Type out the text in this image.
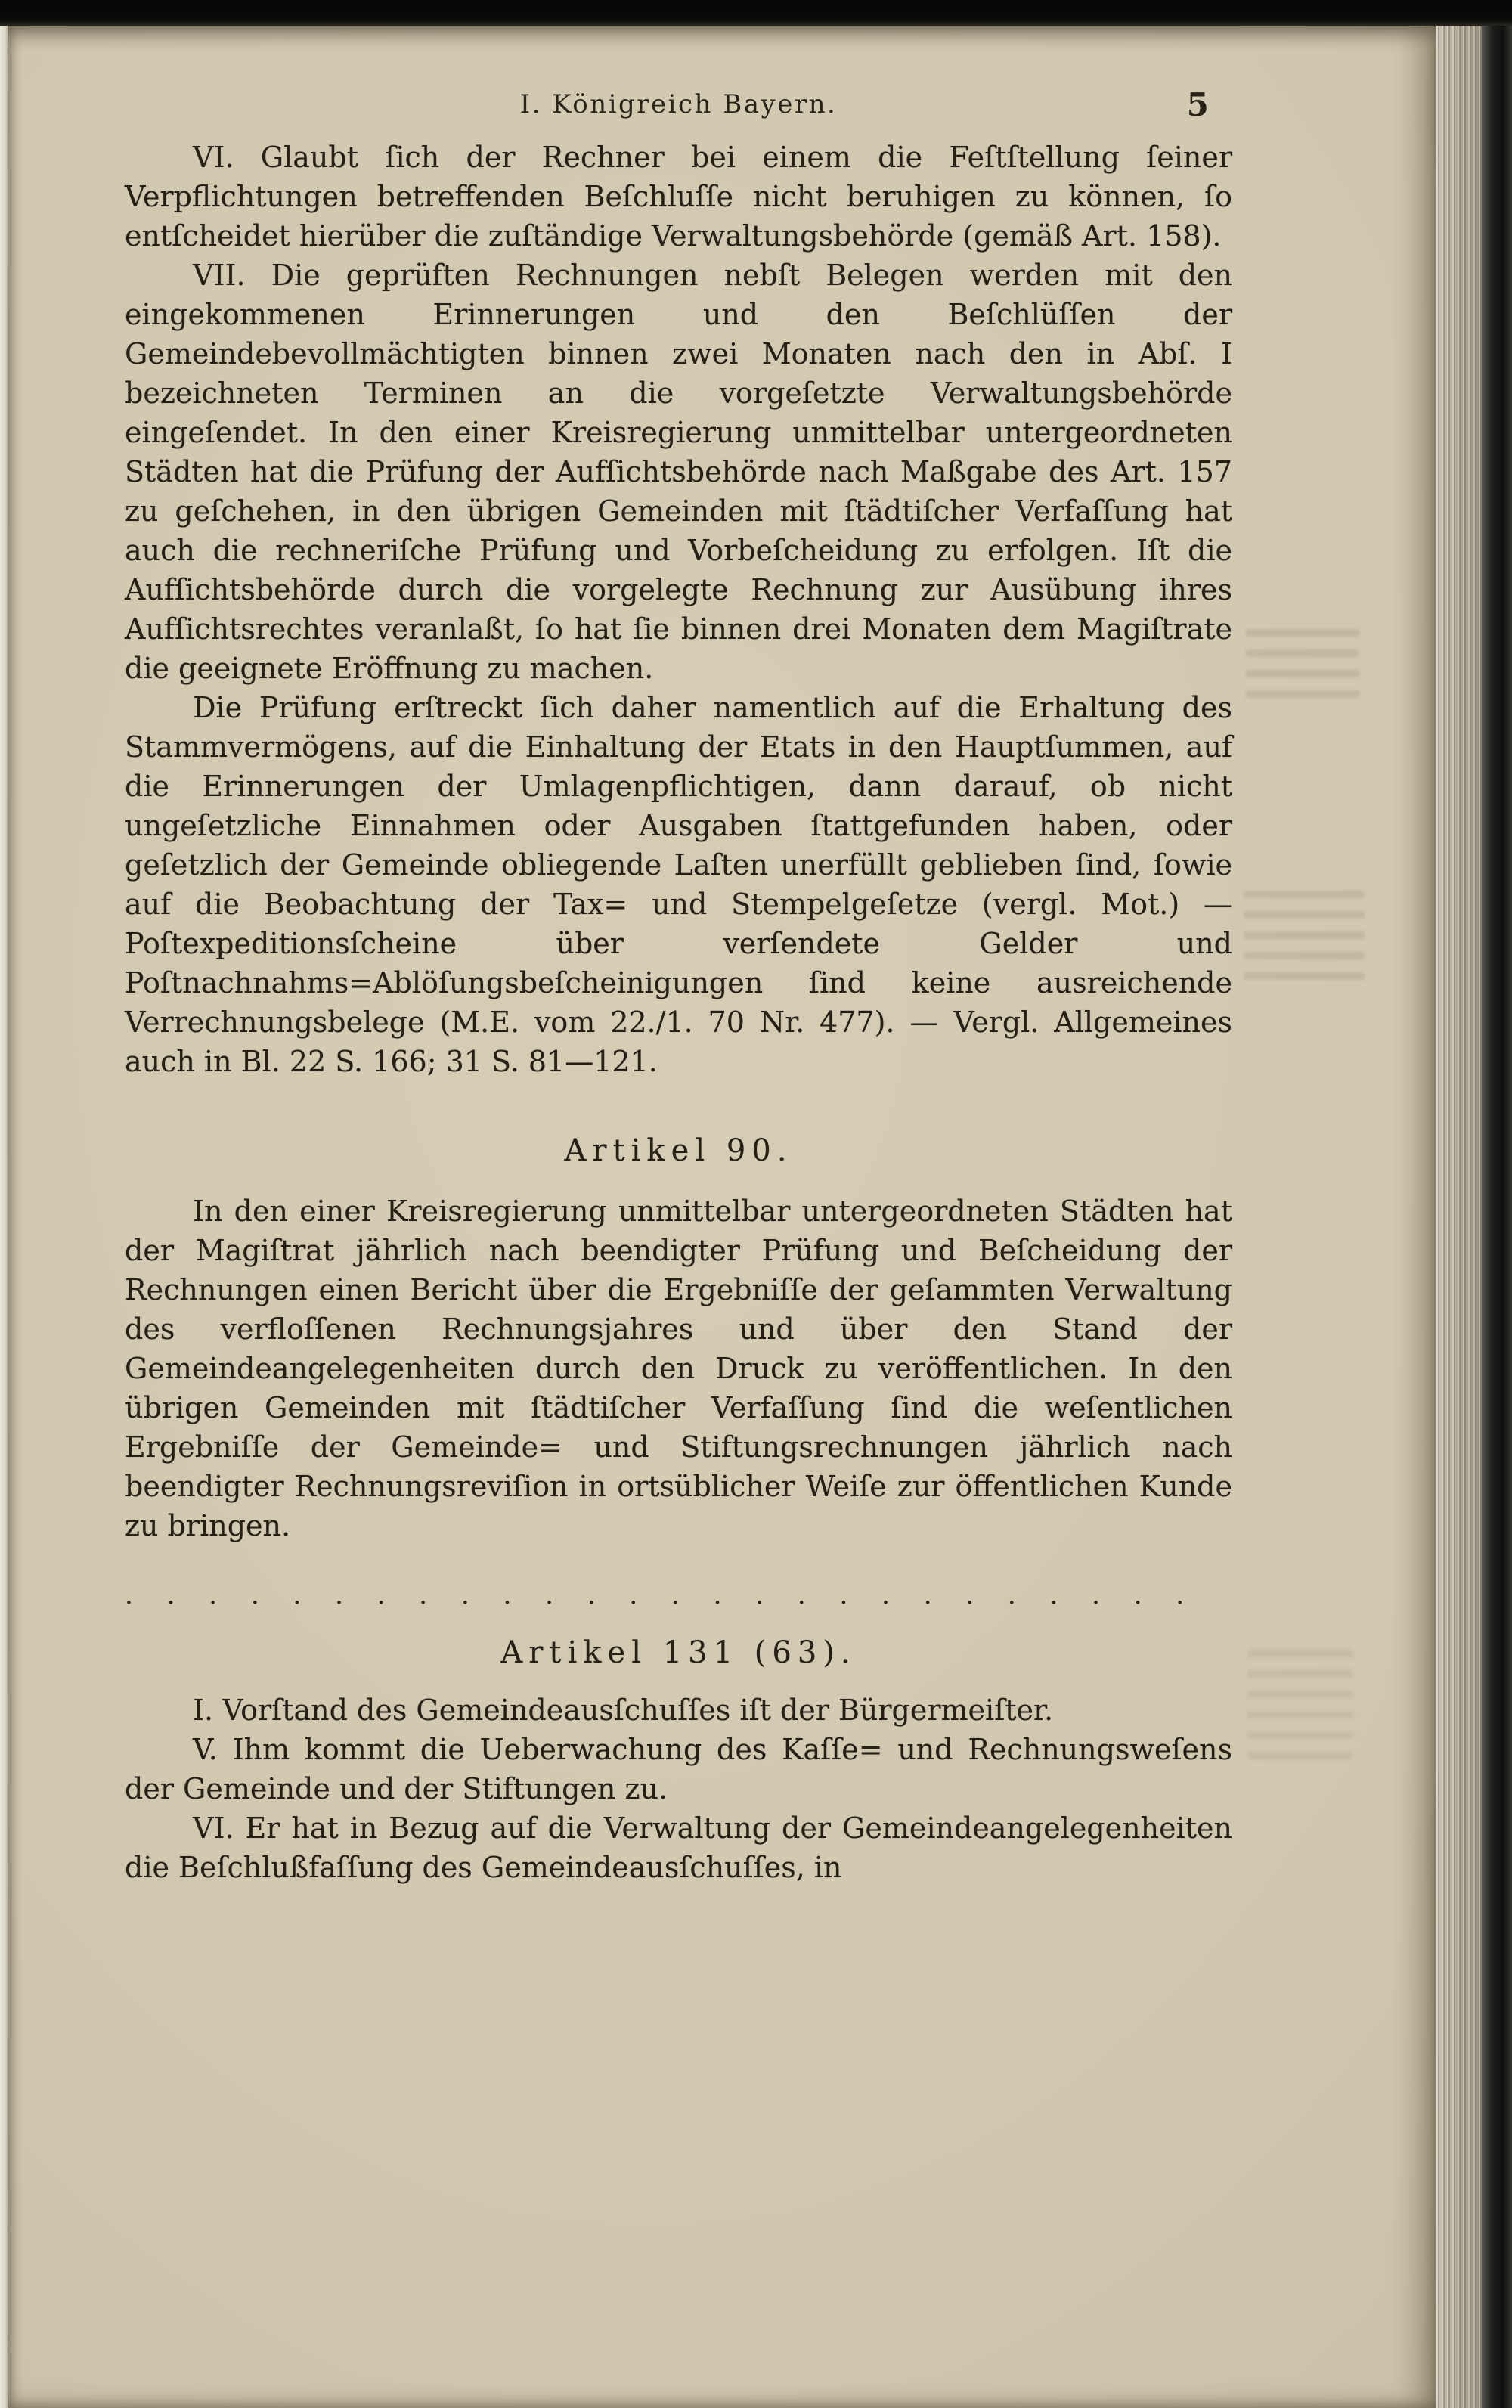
I. Königreich Bayern.	5

VI. Glaubt ſich der Rechner bei einem die Feſtſtellung ſeiner Verpflichtungen betreffenden Beſchluſſe nicht beruhigen zu können, ſo entſcheidet hierüber die zuſtändige Verwaltungsbehörde (gemäß Art. 158).

VII. Die geprüften Rechnungen nebſt Belegen werden mit den eingekommenen Erinnerungen und den Beſchlüſſen der Gemeindebevollmächtigten binnen zwei Monaten nach den in Abſ. I bezeichneten Terminen an die vorgeſetzte Verwaltungsbehörde eingeſendet. In den einer Kreisregierung unmittelbar untergeordneten Städten hat die Prüfung der Aufſichtsbehörde nach Maßgabe des Art. 157 zu geſchehen, in den übrigen Gemeinden mit ſtädtiſcher Verfaſſung hat auch die rechneriſche Prüfung und Vorbeſcheidung zu erfolgen. Iſt die Aufſichtsbehörde durch die vorgelegte Rechnung zur Ausübung ihres Aufſichtsrechtes veranlaßt, ſo hat ſie binnen drei Monaten dem Magiſtrate die geeignete Eröffnung zu machen.

Die Prüfung erſtreckt ſich daher namentlich auf die Erhaltung des Stammvermögens, auf die Einhaltung der Etats in den Hauptſummen, auf die Erinnerungen der Umlagenpflichtigen, dann darauf, ob nicht ungeſetzliche Einnahmen oder Ausgaben ſtattgefunden haben, oder geſetzlich der Gemeinde obliegende Laſten unerfüllt geblieben ſind, ſowie auf die Beobachtung der Tax= und Stempelgeſetze (vergl. Mot.) — Poſtexpeditionsſcheine über verſendete Gelder und Poſtnachnahms=Ablöſungsbeſcheinigungen ſind keine ausreichende Verrechnungsbelege (M.E. vom 22./1. 70 Nr. 477). — Vergl. Allgemeines auch in Bl. 22 S. 166; 31 S. 81—121.

Artikel 90.

In den einer Kreisregierung unmittelbar untergeordneten Städten hat der Magiſtrat jährlich nach beendigter Prüfung und Beſcheidung der Rechnungen einen Bericht über die Ergebniſſe der geſammten Verwaltung des verfloſſenen Rechnungsjahres und über den Stand der Gemeindeangelegenheiten durch den Druck zu veröffentlichen. In den übrigen Gemeinden mit ſtädtiſcher Verfaſſung ſind die weſentlichen Ergebniſſe der Gemeinde= und Stiftungsrechnungen jährlich nach beendigter Rechnungsreviſion in ortsüblicher Weiſe zur öffentlichen Kunde zu bringen.

. . . . . . . . . . . . . . . . . . . . . . . . . .

Artikel 131 (63).

I. Vorſtand des Gemeindeausſchuſſes iſt der Bürgermeiſter.

V. Ihm kommt die Ueberwachung des Kaſſe= und Rechnungsweſens der Gemeinde und der Stiftungen zu.

VI. Er hat in Bezug auf die Verwaltung der Gemeindeangelegenheiten die Beſchlußfaſſung des Gemeindeausſchuſſes, in
